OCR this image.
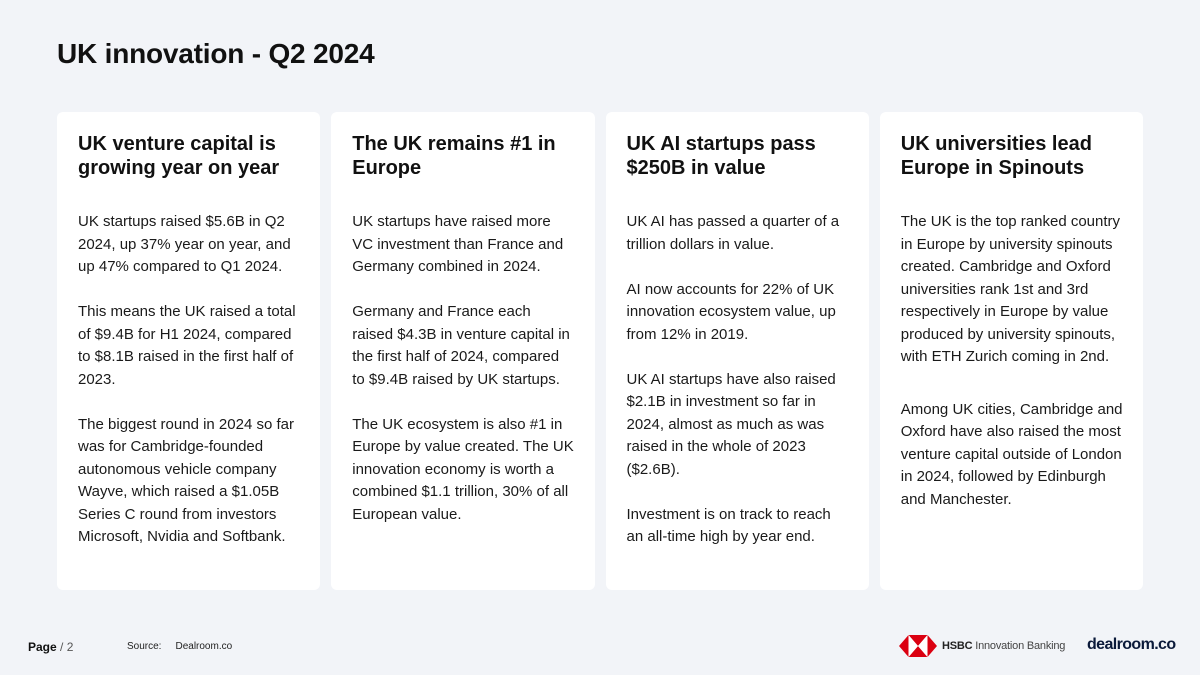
UK innovation - Q2 2024
UK venture capital is growing year on year

UK startups raised $5.6B in Q2 2024, up 37% year on year, and up 47% compared to Q1 2024.

This means the UK raised a total of $9.4B for H1 2024, compared to $8.1B raised in the first half of 2023.

The biggest round in 2024 so far was for Cambridge-founded autonomous vehicle company Wayve, which raised a $1.05B Series C round from investors Microsoft, Nvidia and Softbank.

The UK remains #1 in Europe

UK startups have raised more VC investment than France and Germany combined in 2024.

Germany and France each raised $4.3B in venture capital in the first half of 2024, compared to $9.4B raised by UK startups.

The UK ecosystem is also #1 in Europe by value created. The UK innovation economy is worth a combined $1.1 trillion, 30% of all European value.

UK AI startups pass $250B in value

UK AI has passed a quarter of a trillion dollars in value.

AI now accounts for 22% of UK innovation ecosystem value, up from 12% in 2019.

UK AI startups have also raised $2.1B in investment so far in 2024, almost as much as was raised in the whole of 2023 ($2.6B).

Investment is on track to reach an all-time high by year end.

UK universities lead Europe in Spinouts

The UK is the top ranked country in Europe by university spinouts created. Cambridge and Oxford universities rank 1st and 3rd respectively in Europe by value produced by university spinouts, with ETH Zurich coming in 2nd.

Among UK cities, Cambridge and Oxford have also raised the most venture capital outside of London in 2024, followed by Edinburgh and Manchester.

Page / 2	Source: Dealroom.co	HSBC Innovation Banking dealroom.co
